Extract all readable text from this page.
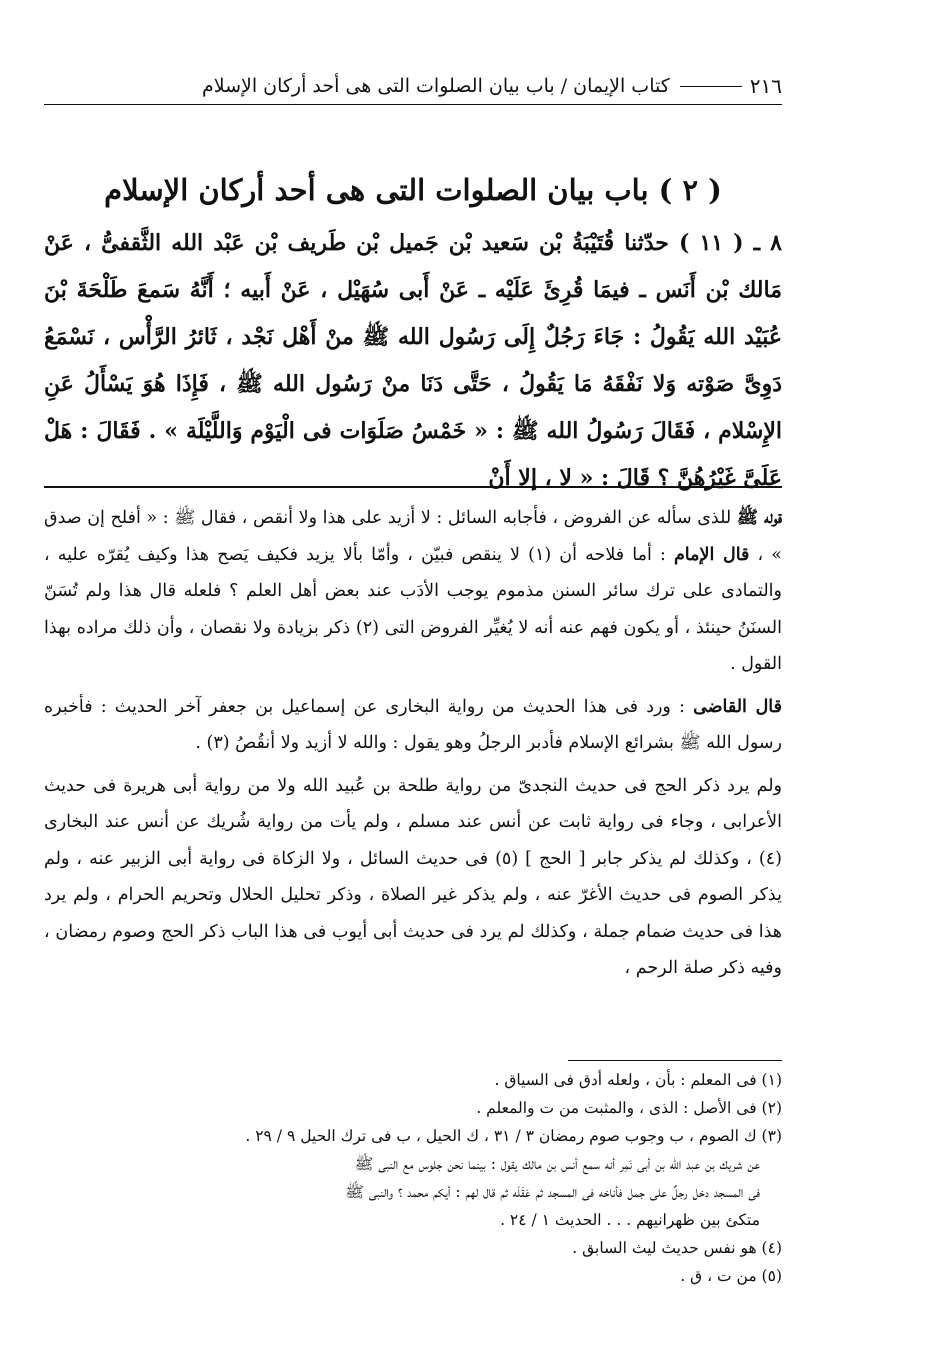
٢١٦
كتاب الإيمان / باب بيان الصلوات التى هى أحد أركان الإسلام
( ٢ ) باب بيان الصلوات التى هى أحد أركان الإسلام

٨ ـ ( ١١ ) حدّثنا قُتَيْبَةُ بْن سَعيد بْن جَميل بْن طَريف بْن عَبْد الله الثَّقفىُّ ، عَنْ مَالك بْن أَنَس ـ فيمَا قُرِئَ عَلَيْه ـ عَنْ أَبى سُهَيْل ، عَنْ أَبيه ؛ أَنَّهُ سَمعَ طَلْحَةَ بْنَ عُبَيْد الله يَقُولُ : جَاءَ رَجُلٌ إِلَى رَسُول الله ﷺ منْ أَهْل نَجْد ، ثَائرُ الرَّأْس ، نَسْمَعُ دَوِىَّ صَوْته وَلا نَفْقَهُ مَا يَقُولُ ، حَتَّى دَنَا منْ رَسُول الله ﷺ ، فَإِذَا هُوَ يَسْأَلُ عَنِ الإِسْلام ، فَقَالَ رَسُولُ الله ﷺ : « خَمْسُ صَلَوَات فى الْيَوْم وَاللَّيْلَة » . فَقَالَ : هَلْ عَلَىَّ غَيْرُهُنَّ ؟ قَالَ : « لا ، إلا أَنْ

قوله ﷺ للذى سأله عن الفروض ، فأجابه السائل : لا أزيد على هذا ولا أنقص ، فقال ﷺ : « أفلح إن صدق » ، قال الإمام : أما فلاحه أن (١) لا ينقص فبيّن ، وأمّا بألا يزيد فكيف يَصح هذا وكيف يُقرّه عليه ، والتمادى على ترك سائر السنن مذموم يوجب الأدَب عند بعض أهل العلم ؟ فلعله قال هذا ولم تُسَنّ السنَنُ حينئذ ، أو يكون فهم عنه أنه لا يُغيِّر الفروض التى (٢) ذكر بزيادة ولا نقصان ، وأن ذلك مراده بهذا القول .

قال القاضى : ورد فى هذا الحديث من رواية البخارى عن إسماعيل بن جعفر آخر الحديث : فأخبره رسول الله ﷺ بشرائع الإسلام فأدبر الرجلُ وهو يقول : والله لا أزيد ولا أنقُصُ (٣) .

ولم يرد ذكر الحج فى حديث النجدىّ من رواية طلحة بن عُبيد الله ولا من رواية أبى هريرة فى حديث الأعرابى ، وجاء فى رواية ثابت عن أنس عند مسلم ، ولم يأت من رواية شُريك عن أنس عند البخارى (٤) ، وكذلك لم يذكر جابر [ الحج ] (٥) فى حديث السائل ، ولا الزكاة فى رواية أبى الزبير عنه ، ولم يذكر الصوم فى حديث الأغرّ عنه ، ولم يذكر غير الصلاة ، وذكر تحليل الحلال وتحريم الحرام ، ولم يرد هذا فى حديث ضمام جملة ، وكذلك لم يرد فى حديث أبى أيوب فى هذا الباب ذكر الحج وصوم رمضان ، وفيه ذكر صلة الرحم ،

(١) فى المعلم : بأن ، ولعله أدق فى السياق .
(٢) فى الأصل : الذى ، والمثبت من ت والمعلم .
(٣) ك الصوم ، ب وجوب صوم رمضان ٣ / ٣١ ، ك الحيل ، ب فى ترك الحيل ٩ / ٢٩ .
عن شريك بن عبد الله بن أبى نَمِر أنه سمع أنس بن مالك يقول : بينما نحن جلوس مع النبى ﷺ
فى المسجد دخل رجلٌ على جمل فأناخه فى المسجد ثم عَقَلَه ثم قال لهم : أيكم محمد ؟ والنبى ﷺ
متكئ بين ظهرانيهم . . . الحديث ١ / ٢٤ .
(٤) هو نفس حديث ليث السابق .
(٥) من ت ، ق .
